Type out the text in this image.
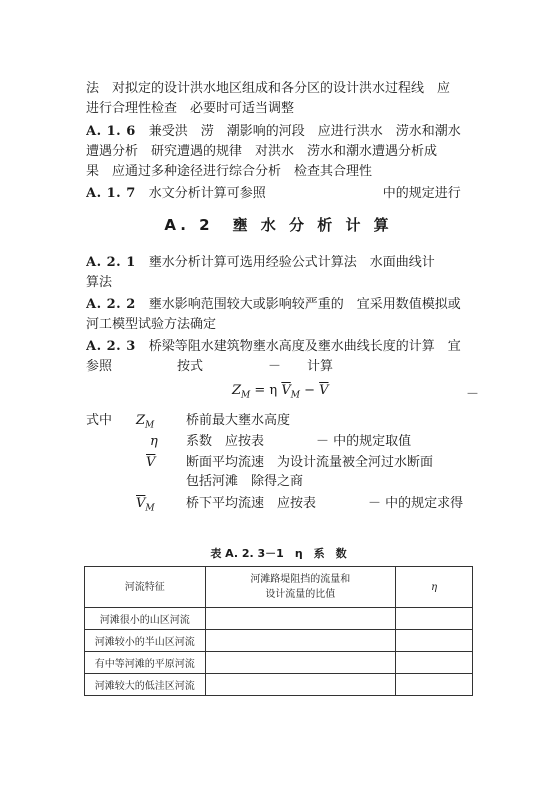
法　对拟定的设计洪水地区组成和各分区的设计洪水过程线　应
进行合理性检查　必要时可适当调整
A. 1. 6　兼受洪　涝　潮影响的河段　应进行洪水　涝水和潮水
遭遇分析　研究遭遇的规律　对洪水　涝水和潮水遭遇分析成
果　应通过多种途径进行综合分析　检查其合理性
A. 1. 7　水文分析计算可参照　　　　　　　　　中的规定进行
A. 2　壅 水 分 析 计 算
A. 2. 1　壅水分析计算可选用经验公式计算法　水面曲线计
算法
A. 2. 2　壅水影响范围较大或影响较严重的　宜采用数值模拟或
河工模型试验方法确定
A. 2. 3　桥梁等阻水建筑物壅水高度及壅水曲线长度的计算　宜
参照　　　　　按式　　　　　－　　计算
$Z_M = \eta$ $\overline{V}_M - \overline{V}$	－
式中 $Z_M$ 桥前最大壅水高度
η 系数　应按表　　　　－ 中的规定取值
$\overline{V}$ 断面平均流速　为设计流量被全河过水断面
包括河滩　除得之商
$\overline{V}_M$ 桥下平均流速　应按表　　　　－ 中的规定求得
表 A. 2. 3－1　η　系　数
河流特征	河滩路堤阻挡的流量和
设计流量的比值	η
河滩很小的山区河流		
河滩较小的半山区河流		
有中等河滩的平原河流		
河滩较大的低洼区河流		
